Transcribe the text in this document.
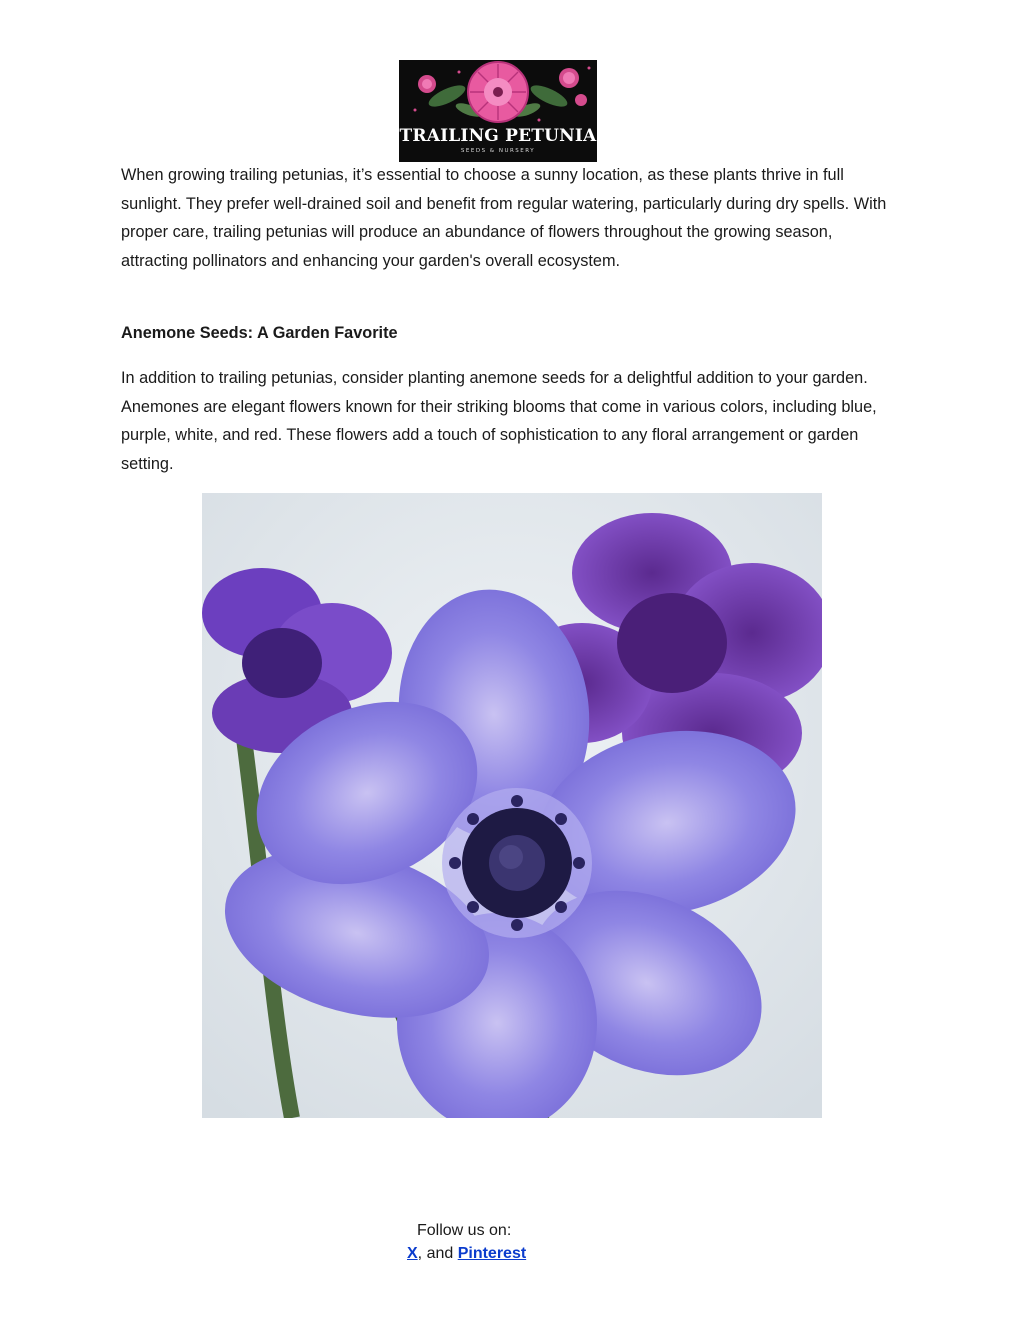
TRAILING PETUNIA
SEEDS & NURSERY

When growing trailing petunias, it’s essential to choose a sunny location, as these plants thrive in full sunlight. They prefer well-drained soil and benefit from regular watering, particularly during dry spells. With proper care, trailing petunias will produce an abundance of flowers throughout the growing season, attracting pollinators and enhancing your garden's overall ecosystem.

Anemone Seeds: A Garden Favorite

In addition to trailing petunias, consider planting anemone seeds for a delightful addition to your garden. Anemones are elegant flowers known for their striking blooms that come in various colors, including blue, purple, white, and red. These flowers add a touch of sophistication to any floral arrangement or garden setting.

Follow us on:
X, and Pinterest
